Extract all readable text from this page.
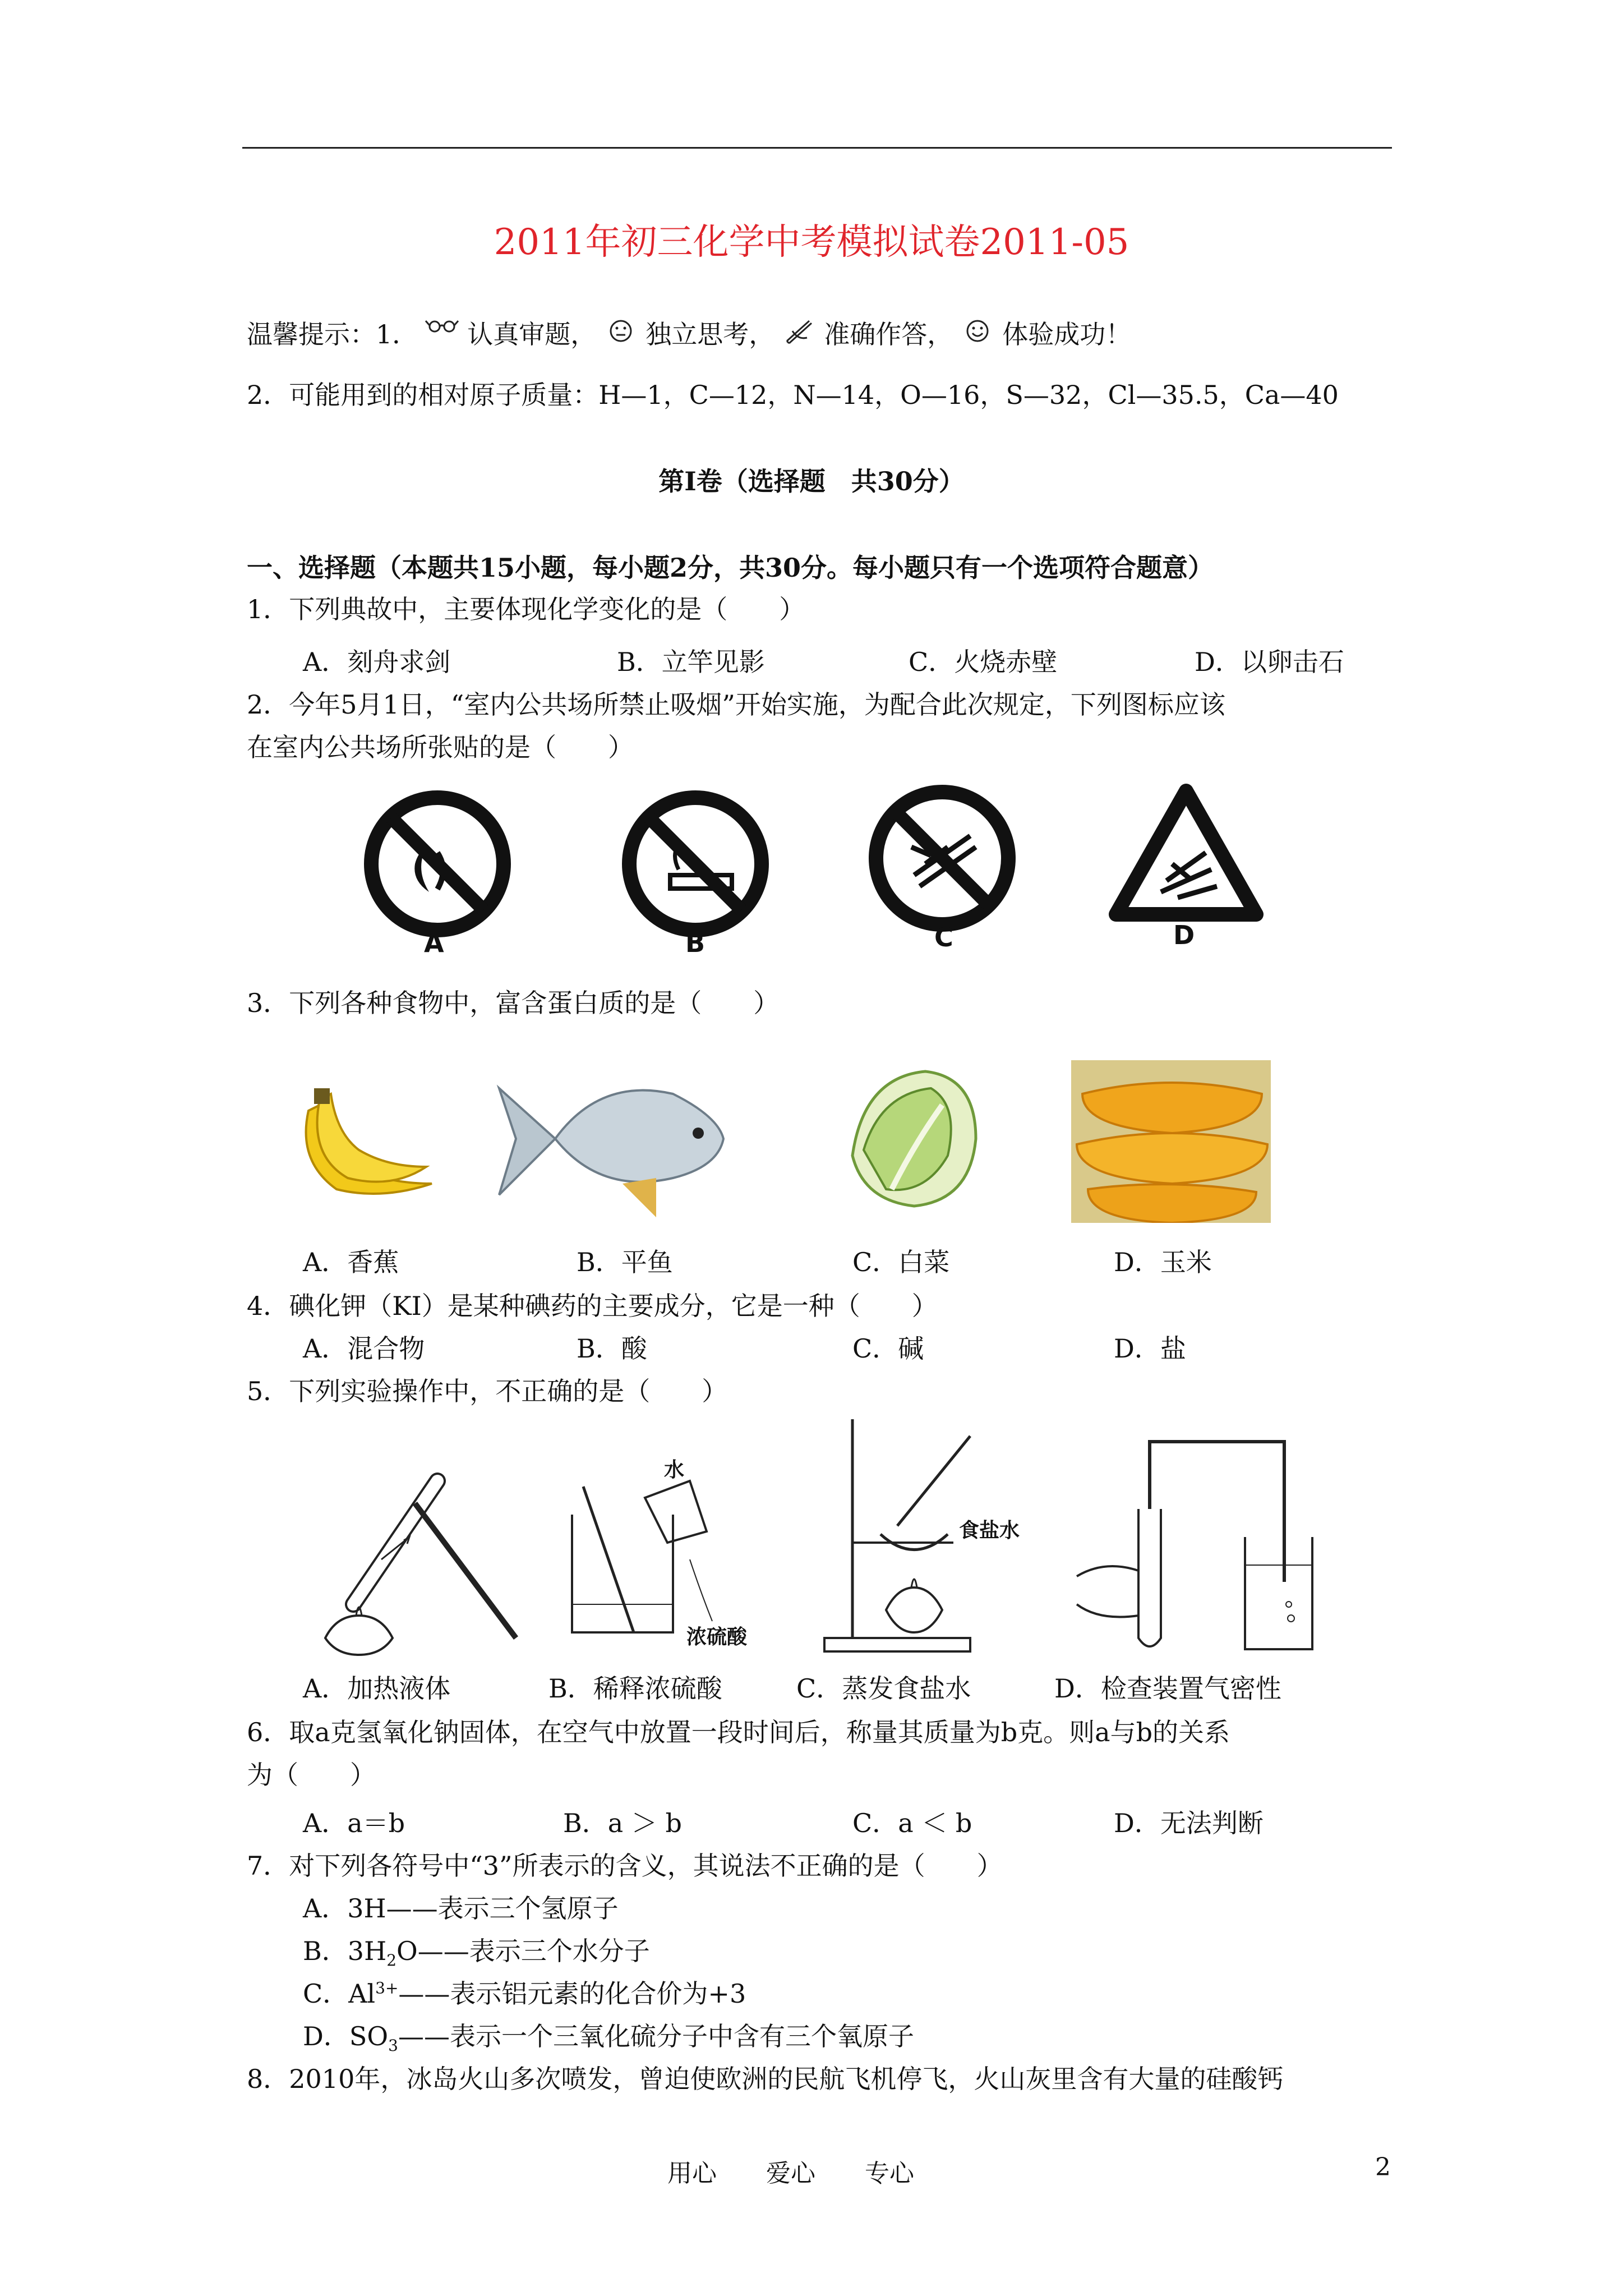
2011年初三化学中考模拟试卷2011-05
温馨提示：1． 认真审题， 独立思考， 准确作答， 体验成功！
2．可能用到的相对原子质量：H—1，C—12，N—14，O—16，S—32，Cl—35.5，Ca—40
第Ⅰ卷（选择题　共30分）
一、选择题（本题共15小题，每小题2分，共30分。每小题只有一个选项符合题意）
1．下列典故中，主要体现化学变化的是（　　）
A．刻舟求剑	B．立竿见影	C．火烧赤壁	D．以卵击石
2．今年5月1日，“室内公共场所禁止吸烟”开始实施，为配合此次规定，下列图标应该
在室内公共场所张贴的是（　　）
A	B	C	D
3．下列各种食物中，富含蛋白质的是（　　）
A．香蕉	B．平鱼	C．白菜	D．玉米
4．碘化钾（KI）是某种碘药的主要成分，它是一种（　　）
A．混合物	B．酸	C．碱	D．盐
5．下列实验操作中，不正确的是（　　）
水
浓硫酸
食盐水
A．加热液体	B．稀释浓硫酸	C．蒸发食盐水	D．检查装置气密性
6．取a克氢氧化钠固体，在空气中放置一段时间后，称量其质量为b克。则a与b的关系
为（　　）
A．a＝b	B．a ＞ b	C．a ＜ b	D．无法判断
7．对下列各符号中“3”所表示的含义，其说法不正确的是（　　）
A．3H——表示三个氢原子
B．$3H_2O——$表示三个水分子
C．$Al^{3+}——$表示铝元素的化合价为+3
D．$SO_3——$表示一个三氧化硫分子中含有三个氧原子
8．2010年，冰岛火山多次喷发，曾迫使欧洲的民航飞机停飞，火山灰里含有大量的硅酸钙
用心　　爱心　　专心	2
